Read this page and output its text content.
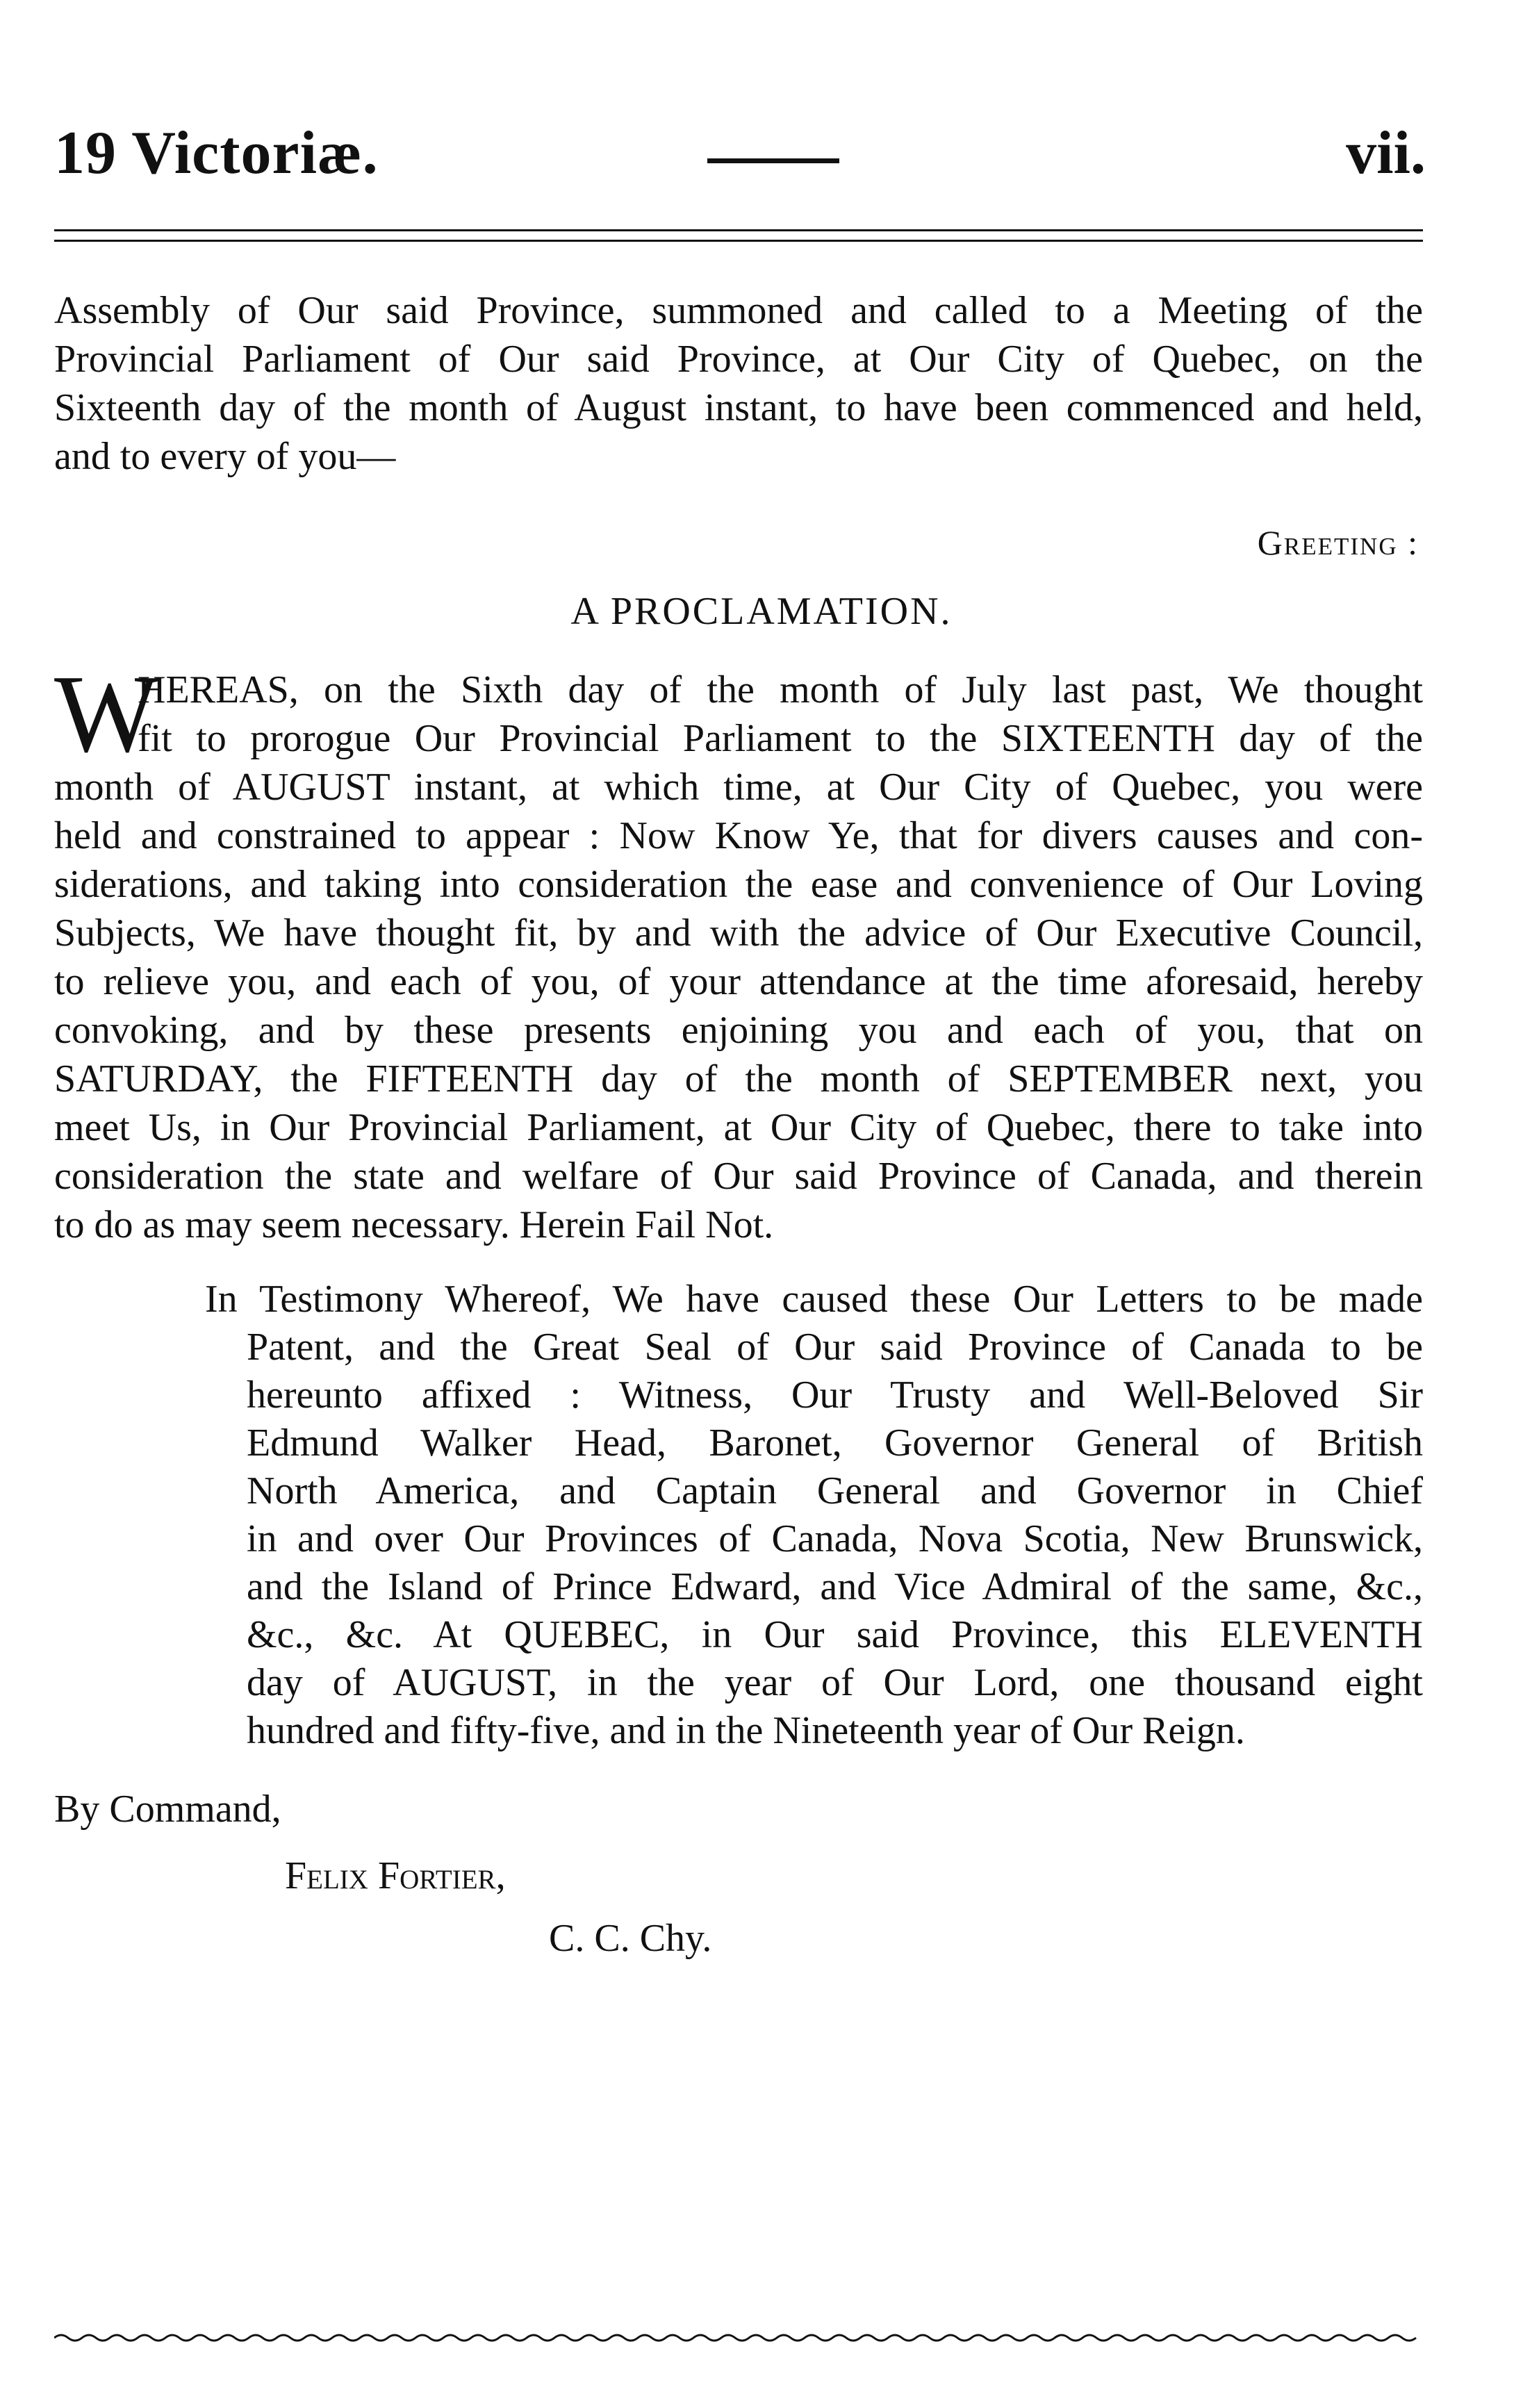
19 Victoriæ.	vii.
Assembly of Our said Province, summoned and called to a Meeting of the
Provincial Parliament of Our said Province, at Our City of Quebec, on the
Sixteenth day of the month of August instant, to have been commenced and held,
and to every of you—
Greeting :
A PROCLAMATION.
W
HEREAS, on the Sixth day of the month of July last past, We thought
fit to prorogue Our Provincial Parliament to the SIXTEENTH day of the
month of AUGUST instant, at which time, at Our City of Quebec, you were
held and constrained to appear : Now Know Ye, that for divers causes and con-
siderations, and taking into consideration the ease and convenience of Our Loving
Subjects, We have thought fit, by and with the advice of Our Executive Council,
to relieve you, and each of you, of your attendance at the time aforesaid, hereby
convoking, and by these presents enjoining you and each of you, that on
SATURDAY, the FIFTEENTH day of the month of SEPTEMBER next, you
meet Us, in Our Provincial Parliament, at Our City of Quebec, there to take into
consideration the state and welfare of Our said Province of Canada, and therein
to do as may seem necessary. Herein Fail Not.
In Testimony Whereof, We have caused these Our Letters to be made
Patent, and the Great Seal of Our said Province of Canada to be
hereunto affixed : Witness, Our Trusty and Well-Beloved Sir
Edmund Walker Head, Baronet, Governor General of British
North America, and Captain General and Governor in Chief
in and over Our Provinces of Canada, Nova Scotia, New Brunswick,
and the Island of Prince Edward, and Vice Admiral of the same, &c.,
&c., &c. At QUEBEC, in Our said Province, this ELEVENTH
day of AUGUST, in the year of Our Lord, one thousand eight
hundred and fifty-five, and in the Nineteenth year of Our Reign.
By Command,
Felix Fortier,
C. C. Chy.
